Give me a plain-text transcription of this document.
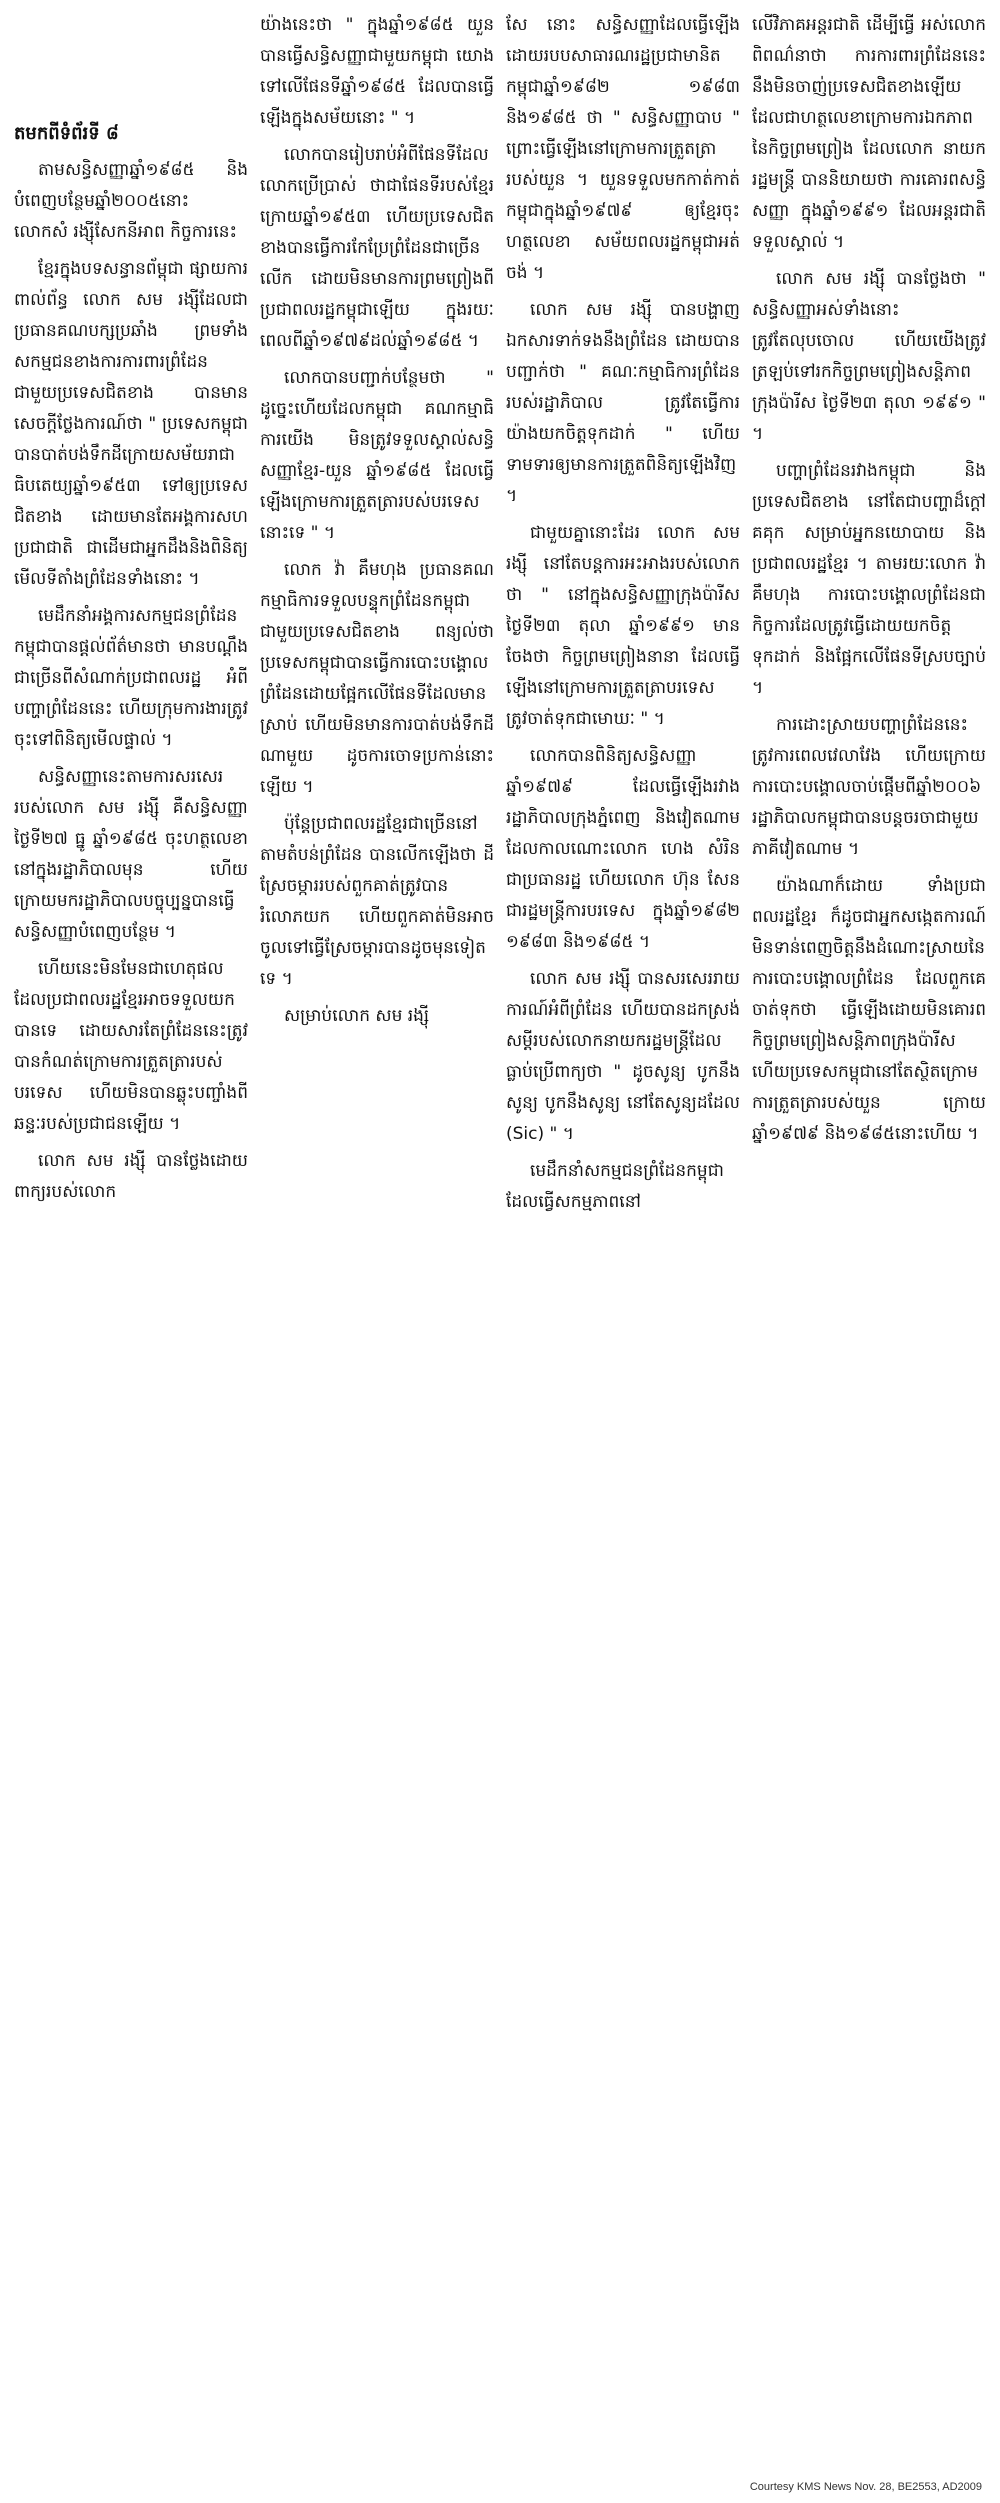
តមកពីទំព័រទី ៨

តាមសន្ធិសញ្ញាឆ្នាំ១៩៨៥ និងបំពេញបន្ថែមឆ្នាំ២០០៥នោះ លោកសំ រង្ស៊ីសែកនីអាព កិច្ចការនេះ

ខ្មែរក្នុងបទសន្ធានព័ម្ពុជា ផ្សាយការពាល់ព័ន្ធ លោក សម រង្ស៊ីដែលជាប្រធានគណបក្សប្រឆាំង ព្រមទាំងសកម្មជនខាងការការពារព្រំដែនជាមួយប្រទេសជិតខាង បានមានសេចក្ដីថ្លែងការណ៍ថា " ប្រទេសកម្ពុជាបានបាត់បង់ទឹកដីក្រោយសម័យរាជាធិបតេយ្យឆ្នាំ១៩៥៣ ទៅឲ្យប្រទេសជិតខាង ដោយមានតែអង្គការសហប្រជាជាតិ ជាដើមជាអ្នកដឹងនិងពិនិត្យមើលទីតាំងព្រំដែនទាំងនោះ ។

មេដឹកនាំអង្គការសកម្មជនព្រំដែនកម្ពុជាបានផ្ដល់ព័ត៌មានថា មានបណ្ដឹងជាច្រើនពីសំណាក់ប្រជាពលរដ្ឋ អំពីបញ្ហាព្រំដែននេះ ហើយក្រុមការងារត្រូវចុះទៅពិនិត្យមើលផ្ទាល់ ។

សន្ធិសញ្ញានេះតាមការសរសេររបស់លោក សម រង្ស៊ី គឺសន្ធិសញ្ញាថ្ងៃទី២៧ ធ្នូ ឆ្នាំ១៩៨៥ ចុះហត្ថលេខានៅក្នុងរដ្ឋាភិបាលមុន ហើយក្រោយមករដ្ឋាភិបាលបច្ចុប្បន្នបានធ្វើសន្ធិសញ្ញាបំពេញបន្ថែម ។

ហើយនេះមិនមែនជាហេតុផលដែលប្រជាពលរដ្ឋខ្មែរអាចទទួលយកបានទេ ដោយសារតែព្រំដែននេះត្រូវបានកំណត់ក្រោមការត្រួតត្រារបស់បរទេស ហើយមិនបានឆ្លុះបញ្ចាំងពីឆន្ទៈរបស់ប្រជាជនឡើយ ។

លោក សម រង្ស៊ី បានថ្លែងដោយពាក្យរបស់លោក

យ៉ាងនេះថា " ក្នុងឆ្នាំ១៩៨៥ យួនបានធ្វើសន្ធិសញ្ញាជាមួយកម្ពុជា យោងទៅលើផែនទីឆ្នាំ១៩៨៥ ដែលបានធ្វើឡើងក្នុងសម័យនោះ " ។

លោកបានរៀបរាប់អំពីផែនទីដែលលោកប្រើប្រាស់ ថាជាផែនទីរបស់ខ្មែរក្រោយឆ្នាំ១៩៥៣ ហើយប្រទេសជិតខាងបានធ្វើការកែប្រែព្រំដែនជាច្រើនលើក ដោយមិនមានការព្រមព្រៀងពីប្រជាពលរដ្ឋកម្ពុជាឡើយ ក្នុងរយៈពេលពីឆ្នាំ១៩៧៩ដល់ឆ្នាំ១៩៨៥ ។

លោកបានបញ្ជាក់បន្ថែមថា " ដូច្នេះហើយដែលកម្ពុជា គណកម្មាធិការយើង មិនត្រូវទទួលស្គាល់សន្ធិសញ្ញាខ្មែរ-យួន ឆ្នាំ១៩៨៥ ដែលធ្វើឡើងក្រោមការត្រួតត្រារបស់បរទេសនោះទេ " ។

លោក វ៉ា គឹមហុង ប្រធានគណកម្មាធិការទទួលបន្ទុកព្រំដែនកម្ពុជា ជាមួយប្រទេសជិតខាង ពន្យល់ថា ប្រទេសកម្ពុជាបានធ្វើការបោះបង្គោលព្រំដែនដោយផ្អែកលើផែនទីដែលមានស្រាប់ ហើយមិនមានការបាត់បង់ទឹកដីណាមួយ ដូចការចោទប្រកាន់នោះឡើយ ។

ប៉ុន្តែប្រជាពលរដ្ឋខ្មែរជាច្រើននៅតាមតំបន់ព្រំដែន បានលើកឡើងថា ដីស្រែចម្ការរបស់ពួកគាត់ត្រូវបានរំលោភយក ហើយពួកគាត់មិនអាចចូលទៅធ្វើស្រែចម្ការបានដូចមុនទៀតទេ ។

សម្រាប់លោក សម រង្ស៊ី

សែ នោះ សន្ធិសញ្ញាដែលធ្វើឡើងដោយរបបសាធារណរដ្ឋប្រជាមានិតកម្ពុជាឆ្នាំ១៩៨២ ១៩៨៣ និង១៩៨៥ ថា " សន្ធិសញ្ញាបាប " ព្រោះធ្វើឡើងនៅក្រោមការត្រួតត្រារបស់យួន ។ យួនទទួលមកកាត់កាត់កម្ពុជាក្នុងឆ្នាំ១៩៧៩ ឲ្យខ្មែរចុះហត្ថលេខា សម័យពលរដ្ឋកម្ពុជាអត់ចង់ ។

លោក សម រង្ស៊ី បានបង្ហាញឯកសារទាក់ទងនឹងព្រំដែន ដោយបានបញ្ជាក់ថា " គណៈកម្មាធិការព្រំដែនរបស់រដ្ឋាភិបាល ត្រូវតែធ្វើការយ៉ាងយកចិត្តទុកដាក់ " ហើយទាមទារឲ្យមានការត្រួតពិនិត្យឡើងវិញ ។

ជាមួយគ្នានោះដែរ លោក សម រង្ស៊ី នៅតែបន្តការអះអាងរបស់លោក ថា " នៅក្នុងសន្ធិសញ្ញាក្រុងប៉ារីស ថ្ងៃទី២៣ តុលា ឆ្នាំ១៩៩១ មានចែងថា កិច្ចព្រមព្រៀងនានា ដែលធ្វើឡើងនៅក្រោមការត្រួតត្រាបរទេស ត្រូវចាត់ទុកជាមោឃៈ " ។

លោកបានពិនិត្យសន្ធិសញ្ញាឆ្នាំ១៩៧៩ ដែលធ្វើឡើងរវាងរដ្ឋាភិបាលក្រុងភ្នំពេញ និងវៀតណាម ដែលកាលណោះលោក ហេង សំរិន ជាប្រធានរដ្ឋ ហើយលោក ហ៊ុន សែន ជារដ្ឋមន្ត្រីការបរទេស ក្នុងឆ្នាំ១៩៨២ ១៩៨៣ និង១៩៨៥ ។

លោក សម រង្ស៊ី បានសរសេររាយការណ៍អំពីព្រំដែន ហើយបានដកស្រង់សម្ដីរបស់លោកនាយករដ្ឋមន្ត្រីដែលធ្លាប់ប្រើពាក្យថា " ដូចសូន្យ បូកនឹងសូន្យ បូកនឹងសូន្យ នៅតែសូន្យដដែល (Sic) " ។

មេដឹកនាំសកម្មជនព្រំដែនកម្ពុជា ដែលធ្វើសកម្មភាពនៅ

លើវិភាគអន្តរជាតិ ដើម្បីធ្វើ អស់លោកពិពណ៌នាថា ការការពារព្រំដែននេះ នឹងមិនចាញ់ប្រទេសជិតខាងឡើយ ដែលជាហត្ថលេខាក្រោមការឯកភាពនៃកិច្ចព្រមព្រៀង ដែលលោក នាយករដ្ឋមន្ត្រី បាននិយាយថា ការគោរពសន្ធិសញ្ញា ក្នុងឆ្នាំ១៩៩១ ដែលអន្តរជាតិទទួលស្គាល់ ។

លោក សម រង្ស៊ី បានថ្លែងថា " សន្ធិសញ្ញាអស់ទាំងនោះត្រូវតែលុបចោល ហើយយើងត្រូវត្រឡប់ទៅរកកិច្ចព្រមព្រៀងសន្តិភាពក្រុងប៉ារីស ថ្ងៃទី២៣ តុលា ១៩៩១ " ។

បញ្ហាព្រំដែនរវាងកម្ពុជា និងប្រទេសជិតខាង នៅតែជាបញ្ហាដ៏ក្ដៅគគុក សម្រាប់អ្នកនយោបាយ និងប្រជាពលរដ្ឋខ្មែរ ។ តាមរយៈលោក វ៉ា គឹមហុង ការបោះបង្គោលព្រំដែនជាកិច្ចការដែលត្រូវធ្វើដោយយកចិត្តទុកដាក់ និងផ្អែកលើផែនទីស្របច្បាប់ ។

ការដោះស្រាយបញ្ហាព្រំដែននេះ ត្រូវការពេលវេលាវែង ហើយក្រោយការបោះបង្គោលចាប់ផ្ដើមពីឆ្នាំ២០០៦ រដ្ឋាភិបាលកម្ពុជាបានបន្តចរចាជាមួយភាគីវៀតណាម ។

យ៉ាងណាក៏ដោយ ទាំងប្រជាពលរដ្ឋខ្មែរ ក៏ដូចជាអ្នកសង្កេតការណ៍ មិនទាន់ពេញចិត្តនឹងដំណោះស្រាយនៃការបោះបង្គោលព្រំដែន ដែលពួកគេចាត់ទុកថា ធ្វើឡើងដោយមិនគោរពកិច្ចព្រមព្រៀងសន្តិភាពក្រុងប៉ារីស ហើយប្រទេសកម្ពុជានៅតែស្ថិតក្រោមការត្រួតត្រារបស់យួន ក្រោយឆ្នាំ១៩៧៩ និង១៩៨៥នោះហើយ ។

Courtesy KMS News Nov. 28, BE2553, AD2009
